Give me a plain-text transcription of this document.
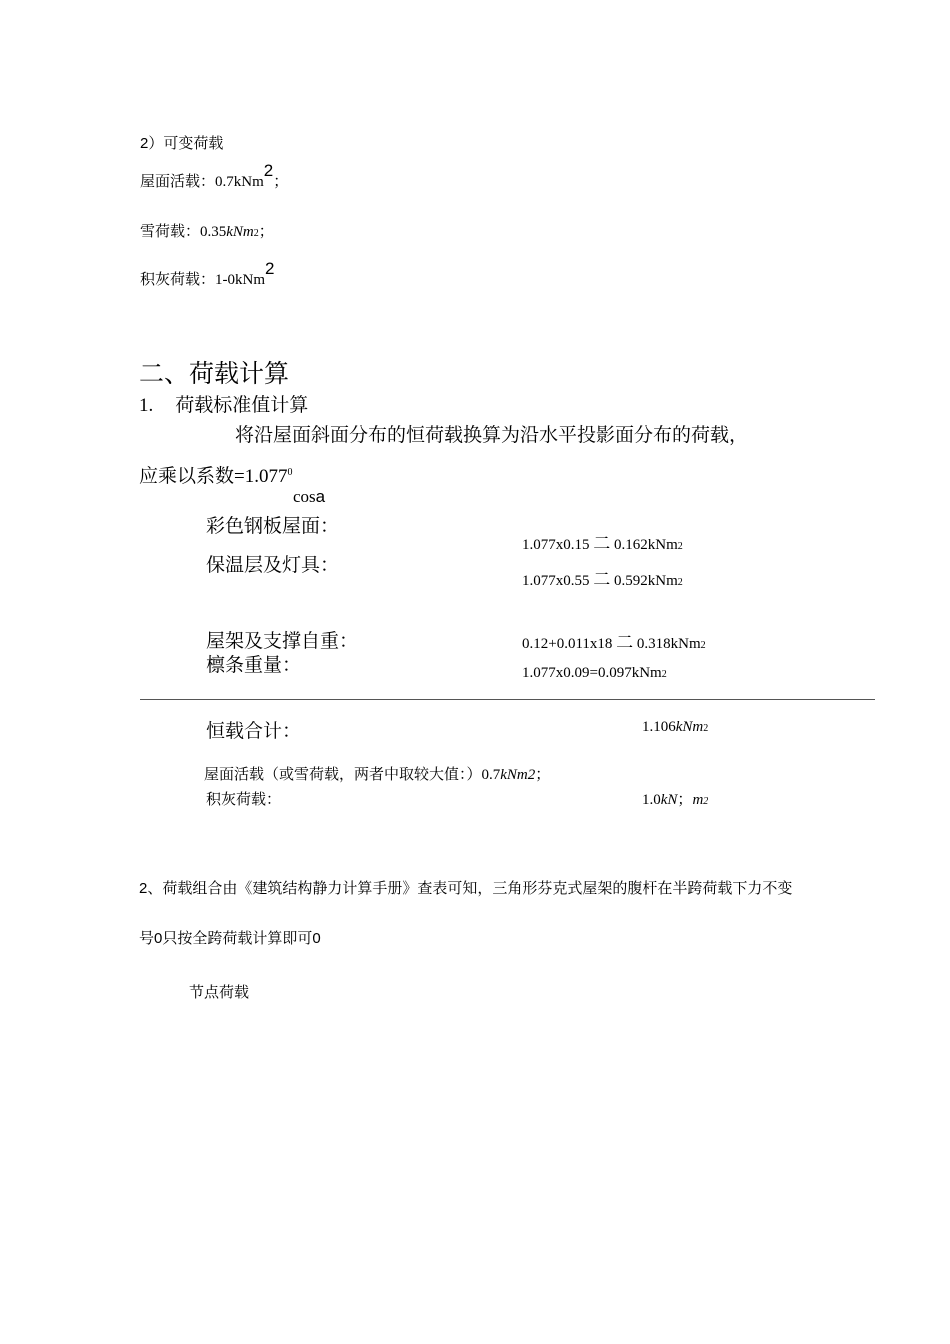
2）可变荷载
屋面活载：0.7kNm2；
雪荷载：0.35kNm2；
积灰荷载：1-0kNm2
二、荷载计算
1. 荷载标准值计算
将沿屋面斜面分布的恒荷载换算为沿水平投影面分布的荷载，
应乘以系数$=1.077^0$
cosa
彩色钢板屋面：
1.077x0.15 二 0.162kNm2
保温层及灯具：
1.077x0.55 二 0.592kNm2
屋架及支撑自重：	0.12+0.011x18 二 0.318kNm2
檩条重量：	1.077x0.09=0.097kNm2
恒载合计：	1.106kNm2
屋面活载（或雪荷载，两者中取较大值：）0.7kNm2；
积灰荷载：	1.0kN；m2
2、荷载组合由《建筑结构静力计算手册》查表可知，三角形芬克式屋架的腹杆在半跨荷载下力不变
号0只按全跨荷载计算即可0
节点荷载
